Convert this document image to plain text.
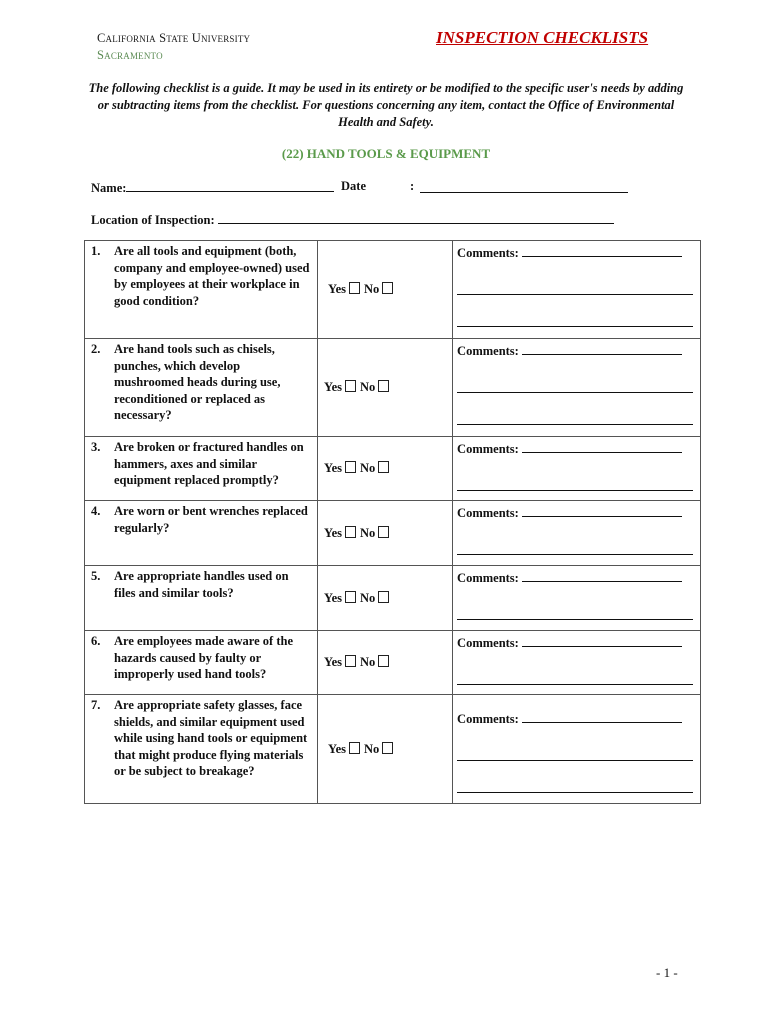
California State University
Sacramento
INSPECTION CHECKLISTS
The following checklist is a guide. It may be used in its entirety or be modified to the specific user's needs by adding or subtracting items from the checklist. For questions concerning any item, contact the Office of Environmental Health and Safety.
(22) HAND TOOLS & EQUIPMENT
Name:	Date	:
Location of Inspection:
1. Are all tools and equipment (both, company and employee-owned) used by employees at their workplace in good condition?	Yes No	Comments:

2. Are hand tools such as chisels, punches, which develop mushroomed heads during use, reconditioned or replaced as necessary?	Yes No	Comments:

3. Are broken or fractured handles on hammers, axes and similar equipment replaced promptly?	Yes No	Comments:

4. Are worn or bent wrenches replaced regularly?	Yes No	Comments:

5. Are appropriate handles used on files and similar tools?	Yes No	Comments:

6. Are employees made aware of the hazards caused by faulty or improperly used hand tools?	Yes No	Comments:

7. Are appropriate safety glasses, face shields, and similar equipment used while using hand tools or equipment that might produce flying materials or be subject to breakage?	Yes No	Comments:
- 1 -
